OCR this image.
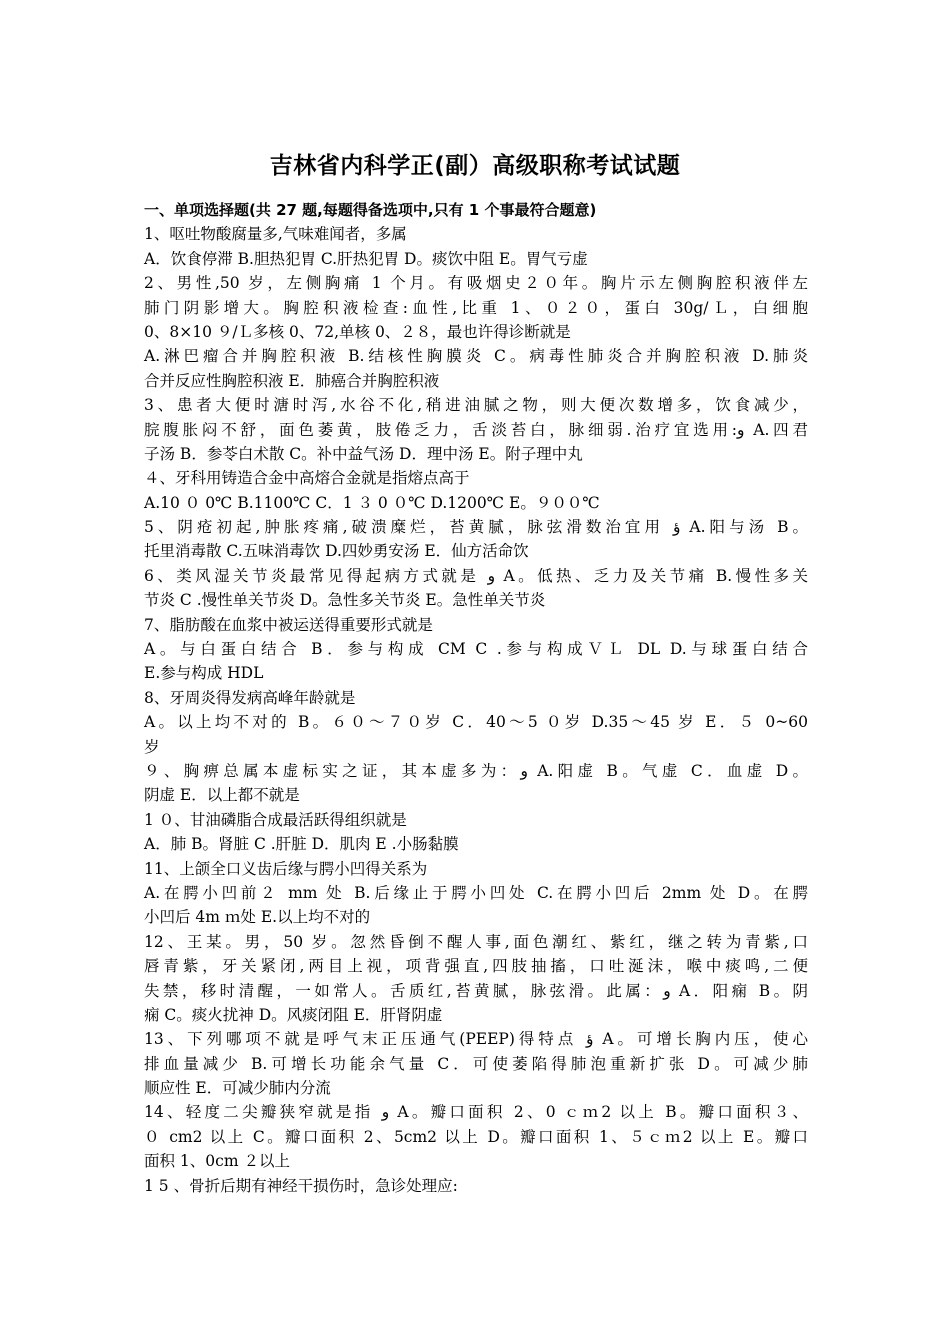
吉林省内科学正(副）高级职称考试试题
一、单项选择题(共 27 题,每题得备选项中,只有 1 个事最符合题意)
1、呕吐物酸腐量多,气味难闻者，多属
A．饮食停滞 B.胆热犯胃 C.肝热犯胃 D。痰饮中阻 E。胃气亏虚
2、男性,50 岁，左侧胸痛 1 个月。有吸烟史２０年。胸片示左侧胸腔积液伴左
肺门阴影增大。胸腔积液检查:血性,比重 1、０２０，蛋白 30g/Ｌ，白细胞
0、8×10 ９/Ｌ多核 0、72,单核 0、２８，最也许得诊断就是
A.淋巴瘤合并胸腔积液 B.结核性胸膜炎 C。病毒性肺炎合并胸腔积液 D.肺炎
合并反应性胸腔积液 E．肺癌合并胸腔积液
3、患者大便时溏时泻,水谷不化,稍进油腻之物，则大便次数增多，饮食减少，
脘腹胀闷不舒，面色萎黄，肢倦乏力，舌淡苔白，脉细弱.治疗宜选用:و A.四君
子汤 B．参苓白术散 C。补中益气汤 D．理中汤 E。附子理中丸
４、牙科用铸造合金中高熔合金就是指熔点高于
A.10 ０ 0℃ B.1100℃ C．1 ３ 0 ０℃ D.1200℃ E。９００℃
5、阴疮初起,肿胀疼痛,破溃糜烂，苔黄腻，脉弦滑数治宜用 ؤ A.阳与汤 B。
托里消毒散 C.五味消毒饮 D.四妙勇安汤 E．仙方活命饮
6、类风湿关节炎最常见得起病方式就是 و A。低热、乏力及关节痛 B.慢性多关
节炎 C .慢性单关节炎 D。急性多关节炎 E。急性单关节炎
7、脂肪酸在血浆中被运送得重要形式就是
A。与白蛋白结合 B．参与构成 CM C .参与构成ＶＬ DL D.与球蛋白结合
E.参与构成 HDL
8、牙周炎得发病高峰年龄就是
A。以上均不对的 B。６０～７０岁 C．40～5 ０岁 D.35～45 岁 E．５ 0~60
岁
９、胸痹总属本虚标实之证，其本虚多为：و A.阳虚 B。气虚 C．血虚 D。
阴虚 E．以上都不就是
1 ０、甘油磷脂合成最活跃得组织就是
A．肺 B。肾脏 C .肝脏 D．肌肉 E .小肠黏膜
11、上颌全口义齿后缘与腭小凹得关系为
A.在腭小凹前２ mm 处 B.后缘止于腭小凹处 C.在腭小凹后 2mm 处 D。在腭
小凹后 4m ｍ处 E.以上均不对的
12、王某。男，50 岁。忽然昏倒不醒人事,面色潮红、紫红，继之转为青紫,口
唇青紫，牙关紧闭,两目上视，项背强直,四肢抽搐，口吐涎沫，喉中痰鸣,二便
失禁，移时清醒，一如常人。舌质红,苔黄腻，脉弦滑。此属：و A．阳痫 B。阴
痫 C。痰火扰神 D。风痰闭阻 E．肝肾阴虚
13、下列哪项不就是呼气末正压通气(PEEP)得特点 ؤ A。可增长胸内压，使心
排血量减少 B.可增长功能余气量 C．可使萎陷得肺泡重新扩张 D。可减少肺
顺应性 E．可减少肺内分流
14、轻度二尖瓣狭窄就是指 و A。瓣口面积 2、0 ｃｍ2 以上 B。瓣口面积３、
０ cm2 以上 C。瓣口面积 2、5cm2 以上 D。瓣口面积 1、５ｃｍ2 以上 E。瓣口
面积 1、0cm ２以上
1 5 、骨折后期有神经干损伤时，急诊处理应:
